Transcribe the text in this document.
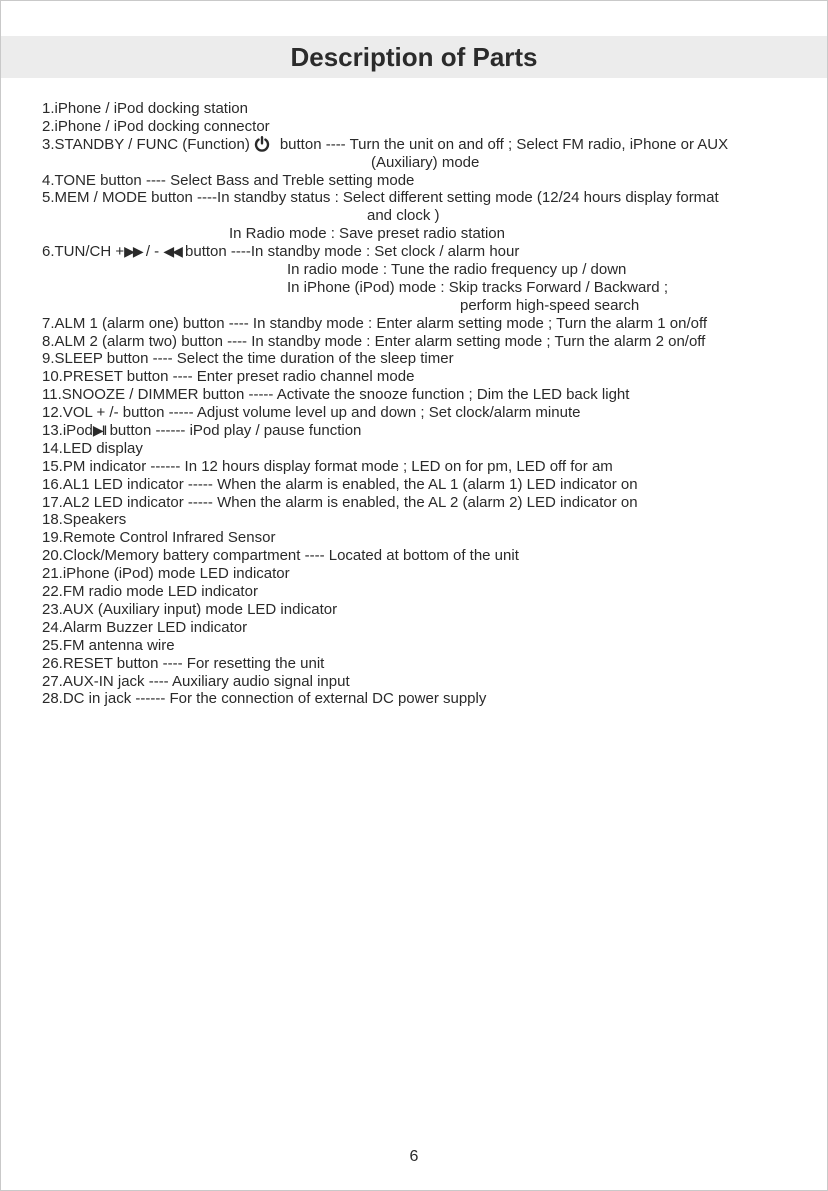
Description of Parts
1.iPhone / iPod docking station
2.iPhone / iPod docking connector
3.STANDBY / FUNC (Function) button ---- Turn the unit on and off ; Select FM radio, iPhone or AUX
(Auxiliary) mode
4.TONE button ---- Select Bass and Treble setting mode
5.MEM / MODE button ----In standby status : Select different setting mode (12/24 hours display format
and clock )
In Radio mode : Save preset radio station
6.TUN/CH +▶▶ / - ◀◀ button ----In standby mode : Set clock / alarm hour
In radio mode : Tune the radio frequency up / down
In iPhone (iPod) mode : Skip tracks Forward / Backward ;
perform high-speed search
7.ALM 1 (alarm one) button ---- In standby mode : Enter alarm setting mode ; Turn the alarm 1 on/off
8.ALM 2 (alarm two) button ---- In standby mode : Enter alarm setting mode ; Turn the alarm 2 on/off
9.SLEEP button ---- Select the time duration of the sleep timer
10.PRESET button ---- Enter preset radio channel mode
11.SNOOZE / DIMMER button ----- Activate the snooze function ; Dim the LED back light
12.VOL + /- button ----- Adjust volume level up and down ; Set clock/alarm minute
13.iPod▶II button ------ iPod play / pause function
14.LED display
15.PM indicator ------ In 12 hours display format mode ; LED on for pm, LED off for am
16.AL1 LED indicator ----- When the alarm is enabled, the AL 1 (alarm 1) LED indicator on
17.AL2 LED indicator ----- When the alarm is enabled, the AL 2 (alarm 2) LED indicator on
18.Speakers
19.Remote Control Infrared Sensor
20.Clock/Memory battery compartment ---- Located at bottom of the unit
21.iPhone (iPod) mode LED indicator
22.FM radio mode LED indicator
23.AUX (Auxiliary input) mode LED indicator
24.Alarm Buzzer LED indicator
25.FM antenna wire
26.RESET button ---- For resetting the unit
27.AUX-IN jack ---- Auxiliary audio signal input
28.DC in jack ------ For the connection of external DC power supply
6
